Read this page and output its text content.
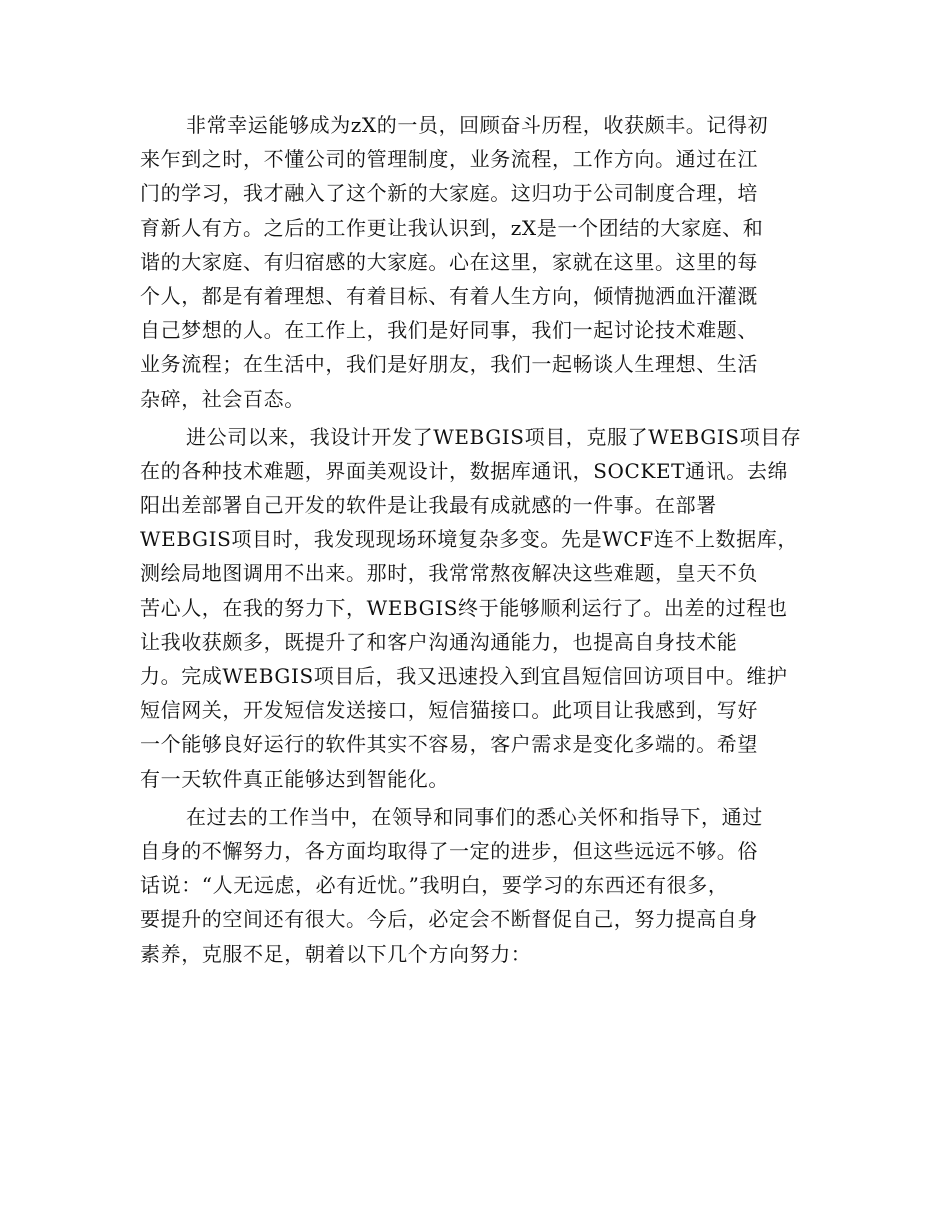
非常幸运能够成为zX的一员，回顾奋斗历程，收获颇丰。记得初
来乍到之时，不懂公司的管理制度，业务流程，工作方向。通过在江
门的学习，我才融入了这个新的大家庭。这归功于公司制度合理，培
育新人有方。之后的工作更让我认识到，zX是一个团结的大家庭、和
谐的大家庭、有归宿感的大家庭。心在这里，家就在这里。这里的每
个人，都是有着理想、有着目标、有着人生方向，倾情抛洒血汗灌溉
自己梦想的人。在工作上，我们是好同事，我们一起讨论技术难题、
业务流程；在生活中，我们是好朋友，我们一起畅谈人生理想、生活
杂碎，社会百态。

进公司以来，我设计开发了WEBGIS项目，克服了WEBGIS项目存
在的各种技术难题，界面美观设计，数据库通讯，SOCKET通讯。去绵
阳出差部署自己开发的软件是让我最有成就感的一件事。在部署
WEBGIS项目时，我发现现场环境复杂多变。先是WCF连不上数据库，
测绘局地图调用不出来。那时，我常常熬夜解决这些难题，皇天不负
苦心人，在我的努力下，WEBGIS终于能够顺利运行了。出差的过程也
让我收获颇多，既提升了和客户沟通沟通能力，也提高自身技术能
力。完成WEBGIS项目后，我又迅速投入到宜昌短信回访项目中。维护
短信网关，开发短信发送接口，短信猫接口。此项目让我感到，写好
一个能够良好运行的软件其实不容易，客户需求是变化多端的。希望
有一天软件真正能够达到智能化。

在过去的工作当中，在领导和同事们的悉心关怀和指导下，通过
自身的不懈努力，各方面均取得了一定的进步，但这些远远不够。俗
话说：“人无远虑，必有近忧。”我明白，要学习的东西还有很多，
要提升的空间还有很大。今后，必定会不断督促自己，努力提高自身
素养，克服不足，朝着以下几个方向努力：
